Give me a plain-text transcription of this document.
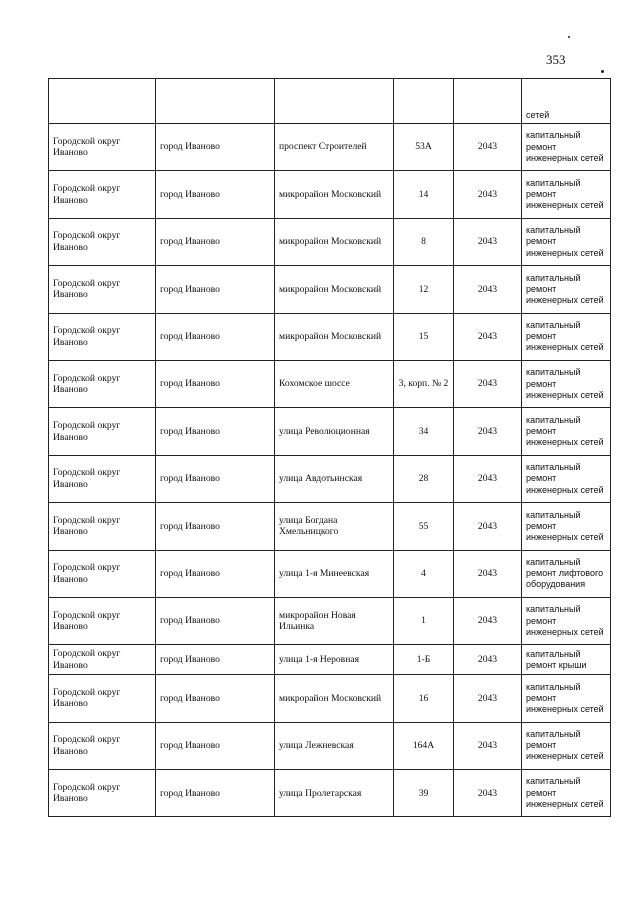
353
					сетей
Городской округ Иваново	город Иваново	проспект Строителей	53А	2043	капитальный ремонт инженерных сетей
Городской округ Иваново	город Иваново	микрорайон Московский	14	2043	капитальный ремонт инженерных сетей
Городской округ Иваново	город Иваново	микрорайон Московский	8	2043	капитальный ремонт инженерных сетей
Городской округ Иваново	город Иваново	микрорайон Московский	12	2043	капитальный ремонт инженерных сетей
Городской округ Иваново	город Иваново	микрорайон Московский	15	2043	капитальный ремонт инженерных сетей
Городской округ Иваново	город Иваново	Кохомское шоссе	3, корп. № 2	2043	капитальный ремонт инженерных сетей
Городской округ Иваново	город Иваново	улица Революционная	34	2043	капитальный ремонт инженерных сетей
Городской округ Иваново	город Иваново	улица Авдотьинская	28	2043	капитальный ремонт инженерных сетей
Городской округ Иваново	город Иваново	улица Богдана Хмельницкого	55	2043	капитальный ремонт инженерных сетей
Городской округ Иваново	город Иваново	улица 1-я Минеевская	4	2043	капитальный ремонт лифтового оборудования
Городской округ Иваново	город Иваново	микрорайон Новая Ильинка	1	2043	капитальный ремонт инженерных сетей
Городской округ Иваново	город Иваново	улица 1-я Неровная	1-Б	2043	капитальный ремонт крыши
Городской округ Иваново	город Иваново	микрорайон Московский	16	2043	капитальный ремонт инженерных сетей
Городской округ Иваново	город Иваново	улица Лежневская	164А	2043	капитальный ремонт инженерных сетей
Городской округ Иваново	город Иваново	улица Пролетарская	39	2043	капитальный ремонт инженерных сетей
